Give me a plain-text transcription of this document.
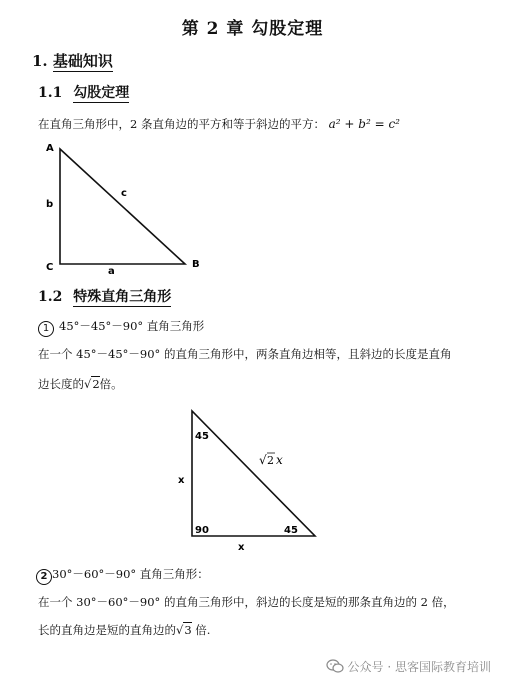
第 2 章 勾股定理
1. 基础知识
1.1 勾股定理
在直角三角形中，2 条直角边的平方和等于斜边的平方： a² + b² = c²
A
B
C	a
b
c
1.2 特殊直角三角形
1 45°－45°－90° 直角三角形
在一个 45°－45°－90° 的直角三角形中，两条直角边相等，且斜边的长度是直角
边长度的√2倍。
45
90	45
x
x
√ 2 x
2 30°－60°－90° 直角三角形：
在一个 30°－60°－90° 的直角三角形中，斜边的长度是短的那条直角边的 2 倍，
长的直角边是短的直角边的√3 倍.
公众号 · 思客国际教育培训
